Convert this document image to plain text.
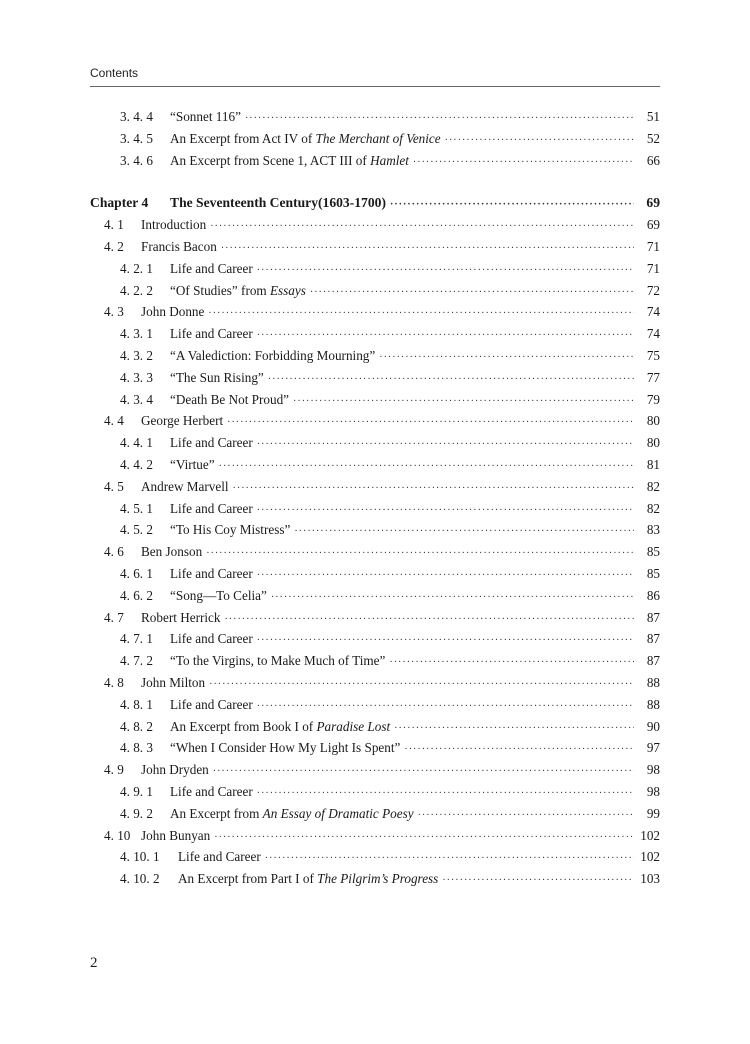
Contents
3. 4. 4	“Sonnet 116” ·····	51
3. 4. 5	An Excerpt from Act IV of The Merchant of Venice ·····	52
3. 4. 6	An Excerpt from Scene 1, ACT III of Hamlet ·····	66
Chapter 4	The Seventeenth Century(1603-1700) ·····	69
4. 1	Introduction ·····	69
4. 2	Francis Bacon ·····	71
4. 2. 1	Life and Career ·····	71
4. 2. 2	“Of Studies” from Essays ·····	72
4. 3	John Donne ·····	74
4. 3. 1	Life and Career ·····	74
4. 3. 2	“A Valediction: Forbidding Mourning” ·····	75
4. 3. 3	“The Sun Rising” ·····	77
4. 3. 4	“Death Be Not Proud” ·····	79
4. 4	George Herbert ·····	80
4. 4. 1	Life and Career ·····	80
4. 4. 2	“Virtue” ·····	81
4. 5	Andrew Marvell ·····	82
4. 5. 1	Life and Career ·····	82
4. 5. 2	“To His Coy Mistress” ·····	83
4. 6	Ben Jonson ·····	85
4. 6. 1	Life and Career ·····	85
4. 6. 2	“Song—To Celia” ·····	86
4. 7	Robert Herrick ·····	87
4. 7. 1	Life and Career ·····	87
4. 7. 2	“To the Virgins, to Make Much of Time” ·····	87
4. 8	John Milton ·····	88
4. 8. 1	Life and Career ·····	88
4. 8. 2	An Excerpt from Book I of Paradise Lost ·····	90
4. 8. 3	“When I Consider How My Light Is Spent” ·····	97
4. 9	John Dryden ·····	98
4. 9. 1	Life and Career ·····	98
4. 9. 2	An Excerpt from An Essay of Dramatic Poesy ·····	99
4. 10 John Bunyan ·····	102
4. 10. 1	Life and Career ·····	102
4. 10. 2	An Excerpt from Part I of The Pilgrim’s Progress ·····	103
2
